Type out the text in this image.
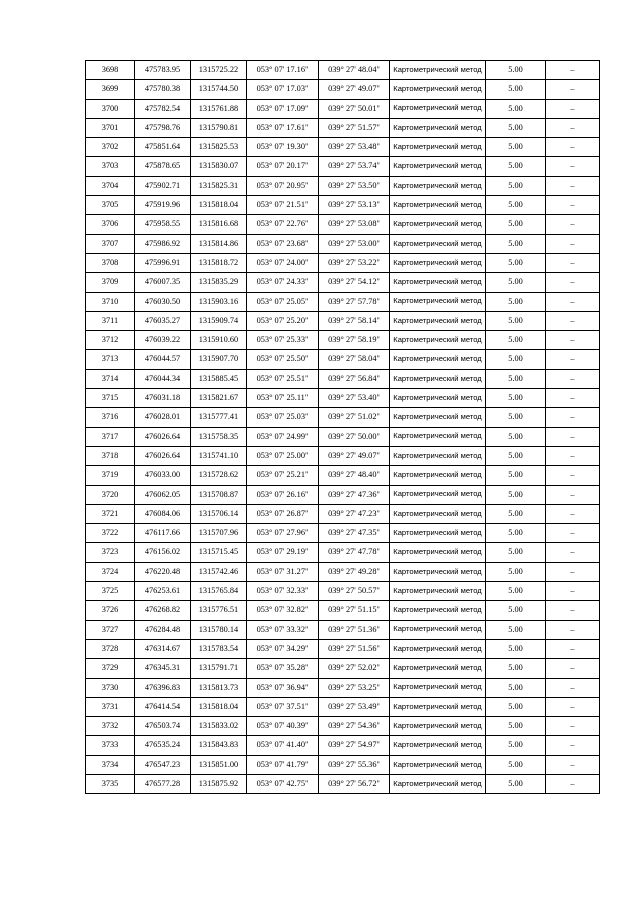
3698	475783.95	1315725.22	053° 07' 17.16"	039° 27' 48.04"	Картометрический метод	5.00	–
3699	475780.38	1315744.50	053° 07' 17.03"	039° 27' 49.07"	Картометрический метод	5.00	–
3700	475782.54	1315761.88	053° 07' 17.09"	039° 27' 50.01"	Картометрический метод	5.00	–
3701	475798.76	1315790.81	053° 07' 17.61"	039° 27' 51.57"	Картометрический метод	5.00	–
3702	475851.64	1315825.53	053° 07' 19.30"	039° 27' 53.48"	Картометрический метод	5.00	–
3703	475878.65	1315830.07	053° 07' 20.17"	039° 27' 53.74"	Картометрический метод	5.00	–
3704	475902.71	1315825.31	053° 07' 20.95"	039° 27' 53.50"	Картометрический метод	5.00	–
3705	475919.96	1315818.04	053° 07' 21.51"	039° 27' 53.13"	Картометрический метод	5.00	–
3706	475958.55	1315816.68	053° 07' 22.76"	039° 27' 53.08"	Картометрический метод	5.00	–
3707	475986.92	1315814.86	053° 07' 23.68"	039° 27' 53.00"	Картометрический метод	5.00	–
3708	475996.91	1315818.72	053° 07' 24.00"	039° 27' 53.22"	Картометрический метод	5.00	–
3709	476007.35	1315835.29	053° 07' 24.33"	039° 27' 54.12"	Картометрический метод	5.00	–
3710	476030.50	1315903.16	053° 07' 25.05"	039° 27' 57.78"	Картометрический метод	5.00	–
3711	476035.27	1315909.74	053° 07' 25.20"	039° 27' 58.14"	Картометрический метод	5.00	–
3712	476039.22	1315910.60	053° 07' 25.33"	039° 27' 58.19"	Картометрический метод	5.00	–
3713	476044.57	1315907.70	053° 07' 25.50"	039° 27' 58.04"	Картометрический метод	5.00	–
3714	476044.34	1315885.45	053° 07' 25.51"	039° 27' 56.84"	Картометрический метод	5.00	–
3715	476031.18	1315821.67	053° 07' 25.11"	039° 27' 53.40"	Картометрический метод	5.00	–
3716	476028.01	1315777.41	053° 07' 25.03"	039° 27' 51.02"	Картометрический метод	5.00	–
3717	476026.64	1315758.35	053° 07' 24.99"	039° 27' 50.00"	Картометрический метод	5.00	–
3718	476026.64	1315741.10	053° 07' 25.00"	039° 27' 49.07"	Картометрический метод	5.00	–
3719	476033.00	1315728.62	053° 07' 25.21"	039° 27' 48.40"	Картометрический метод	5.00	–
3720	476062.05	1315708.87	053° 07' 26.16"	039° 27' 47.36"	Картометрический метод	5.00	–
3721	476084.06	1315706.14	053° 07' 26.87"	039° 27' 47.23"	Картометрический метод	5.00	–
3722	476117.66	1315707.96	053° 07' 27.96"	039° 27' 47.35"	Картометрический метод	5.00	–
3723	476156.02	1315715.45	053° 07' 29.19"	039° 27' 47.78"	Картометрический метод	5.00	–
3724	476220.48	1315742.46	053° 07' 31.27"	039° 27' 49.28"	Картометрический метод	5.00	–
3725	476253.61	1315765.84	053° 07' 32.33"	039° 27' 50.57"	Картометрический метод	5.00	–
3726	476268.82	1315776.51	053° 07' 32.82"	039° 27' 51.15"	Картометрический метод	5.00	–
3727	476284.48	1315780.14	053° 07' 33.32"	039° 27' 51.36"	Картометрический метод	5.00	–
3728	476314.67	1315783.54	053° 07' 34.29"	039° 27' 51.56"	Картометрический метод	5.00	–
3729	476345.31	1315791.71	053° 07' 35.28"	039° 27' 52.02"	Картометрический метод	5.00	–
3730	476396.83	1315813.73	053° 07' 36.94"	039° 27' 53.25"	Картометрический метод	5.00	–
3731	476414.54	1315818.04	053° 07' 37.51"	039° 27' 53.49"	Картометрический метод	5.00	–
3732	476503.74	1315833.02	053° 07' 40.39"	039° 27' 54.36"	Картометрический метод	5.00	–
3733	476535.24	1315843.83	053° 07' 41.40"	039° 27' 54.97"	Картометрический метод	5.00	–
3734	476547.23	1315851.00	053° 07' 41.79"	039° 27' 55.36"	Картометрический метод	5.00	–
3735	476577.28	1315875.92	053° 07' 42.75"	039° 27' 56.72"	Картометрический метод	5.00	–
